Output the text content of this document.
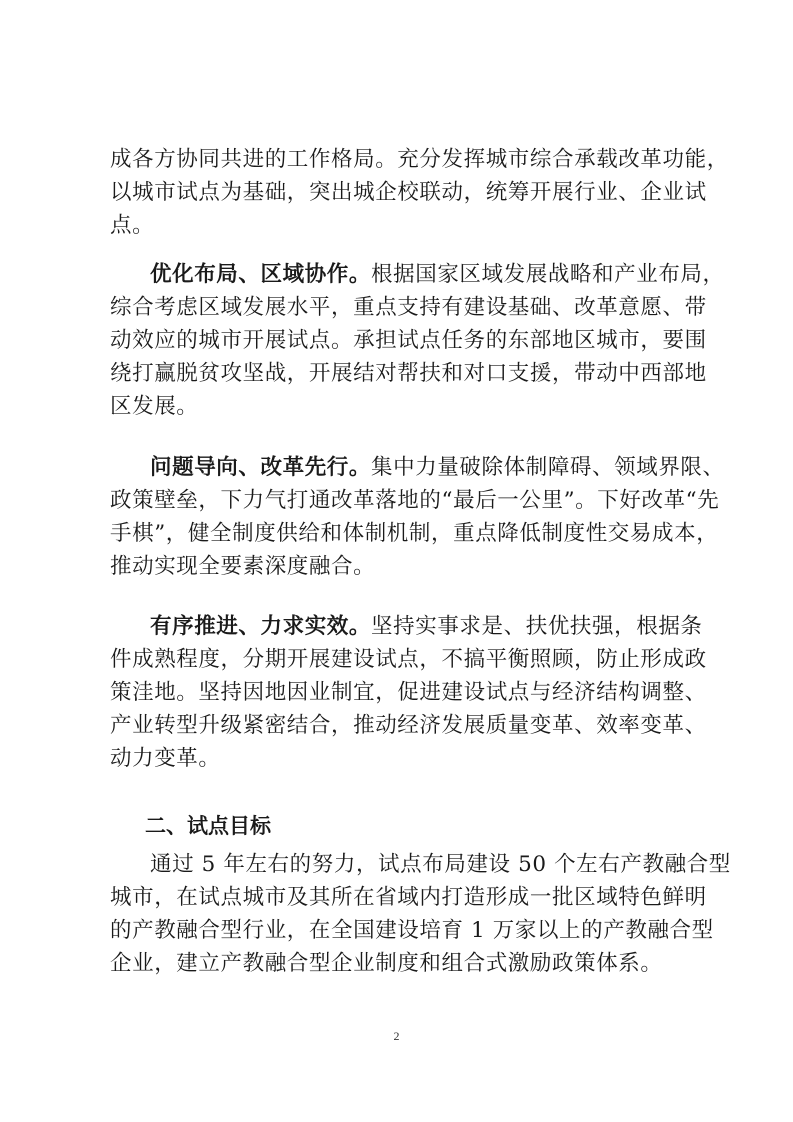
成各方协同共进的工作格局。充分发挥城市综合承载改革功能，
以城市试点为基础，突出城企校联动，统筹开展行业、企业试
点。

优化布局、区域协作。根据国家区域发展战略和产业布局，
综合考虑区域发展水平，重点支持有建设基础、改革意愿、带
动效应的城市开展试点。承担试点任务的东部地区城市，要围
绕打赢脱贫攻坚战，开展结对帮扶和对口支援，带动中西部地
区发展。

问题导向、改革先行。集中力量破除体制障碍、领域界限、
政策壁垒，下力气打通改革落地的“最后一公里”。下好改革“先
手棋”，健全制度供给和体制机制，重点降低制度性交易成本，
推动实现全要素深度融合。

有序推进、力求实效。坚持实事求是、扶优扶强，根据条
件成熟程度，分期开展建设试点，不搞平衡照顾，防止形成政
策洼地。坚持因地因业制宜，促进建设试点与经济结构调整、
产业转型升级紧密结合，推动经济发展质量变革、效率变革、
动力变革。

二、试点目标

通过 5 年左右的努力，试点布局建设 50 个左右产教融合型
城市，在试点城市及其所在省域内打造形成一批区域特色鲜明
的产教融合型行业，在全国建设培育 1 万家以上的产教融合型
企业，建立产教融合型企业制度和组合式激励政策体系。

2
